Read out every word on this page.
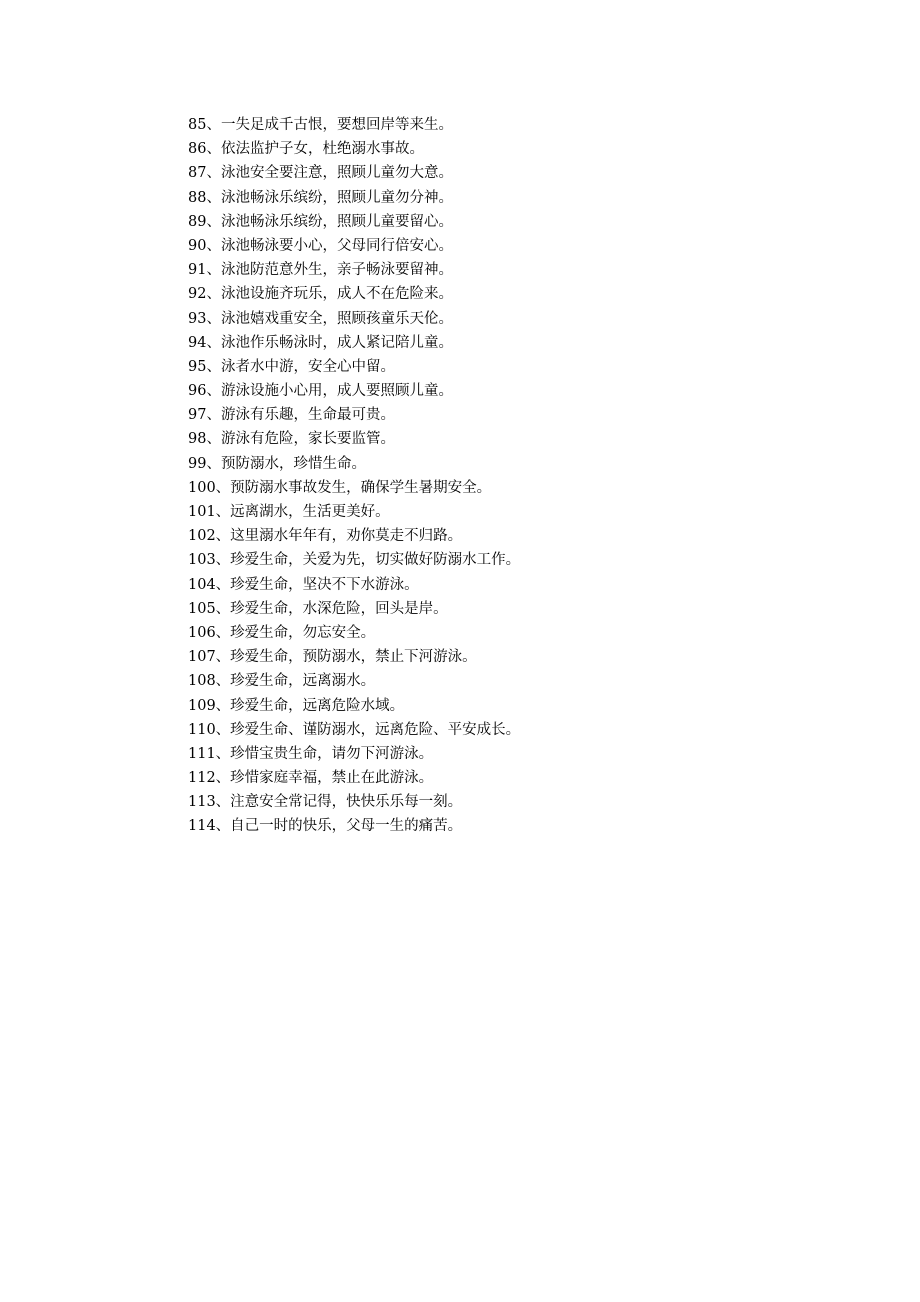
85、一失足成千古恨，要想回岸等来生。
86、依法监护子女，杜绝溺水事故。
87、泳池安全要注意，照顾儿童勿大意。
88、泳池畅泳乐缤纷，照顾儿童勿分神。
89、泳池畅泳乐缤纷，照顾儿童要留心。
90、泳池畅泳要小心，父母同行倍安心。
91、泳池防范意外生，亲子畅泳要留神。
92、泳池设施齐玩乐，成人不在危险来。
93、泳池嬉戏重安全，照顾孩童乐天伦。
94、泳池作乐畅泳时，成人紧记陪儿童。
95、泳者水中游，安全心中留。
96、游泳设施小心用，成人要照顾儿童。
97、游泳有乐趣，生命最可贵。
98、游泳有危险，家长要监管。
99、预防溺水，珍惜生命。
100、预防溺水事故发生，确保学生暑期安全。
101、远离湖水，生活更美好。
102、这里溺水年年有，劝你莫走不归路。
103、珍爱生命，关爱为先，切实做好防溺水工作。
104、珍爱生命，坚决不下水游泳。
105、珍爱生命，水深危险，回头是岸。
106、珍爱生命，勿忘安全。
107、珍爱生命，预防溺水，禁止下河游泳。
108、珍爱生命，远离溺水。
109、珍爱生命，远离危险水域。
110、珍爱生命、谨防溺水，远离危险、平安成长。
111、珍惜宝贵生命，请勿下河游泳。
112、珍惜家庭幸福，禁止在此游泳。
113、注意安全常记得，快快乐乐每一刻。
114、自己一时的快乐，父母一生的痛苦。
